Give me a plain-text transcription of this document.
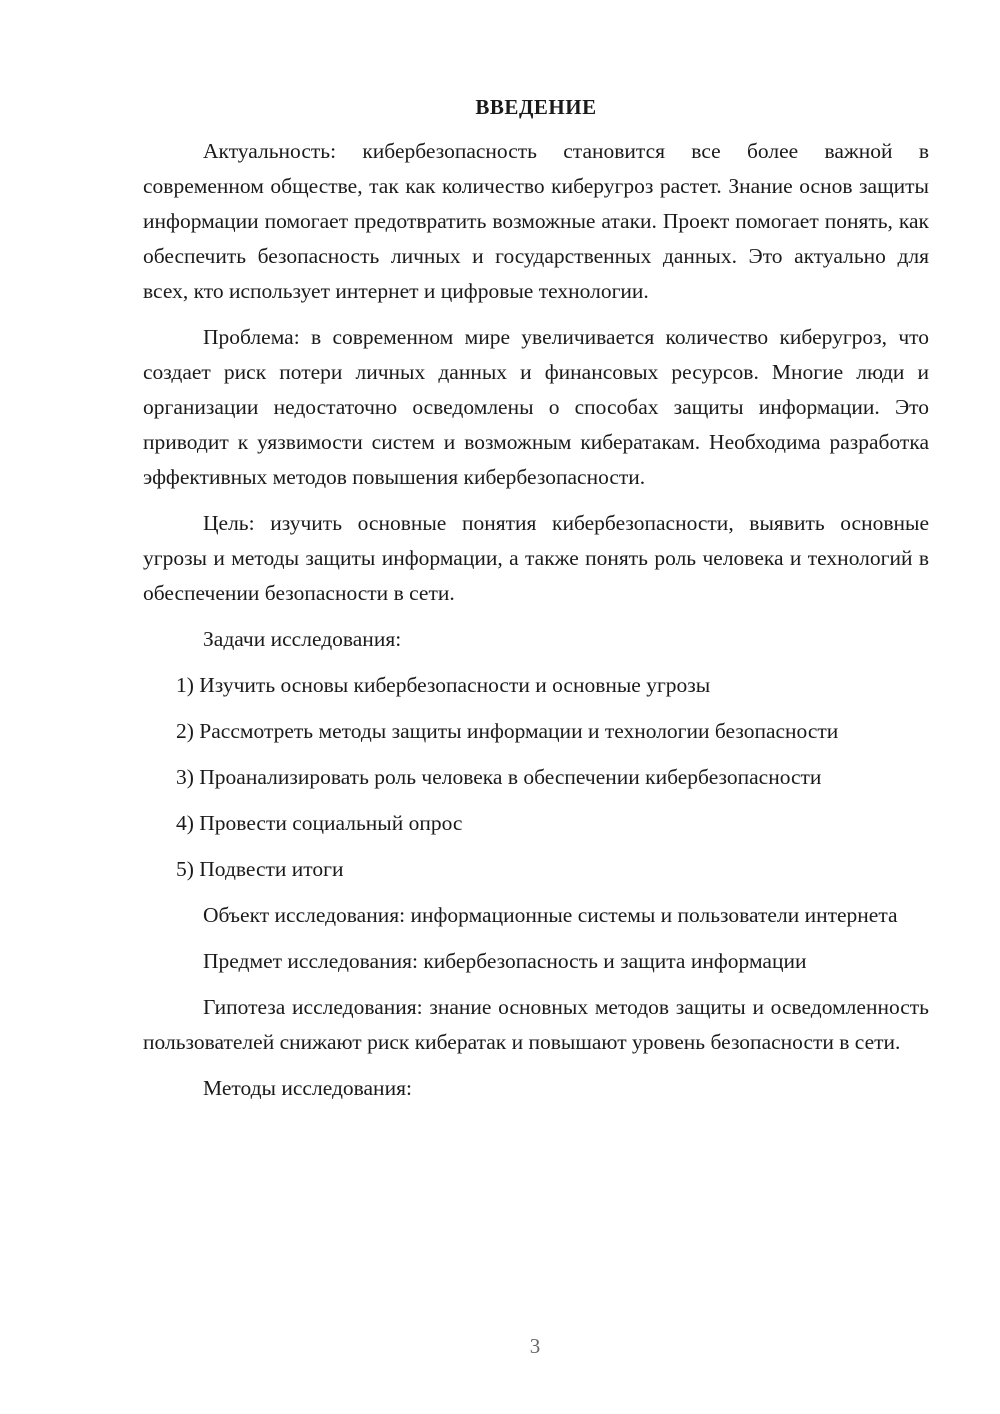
ВВЕДЕНИЕ

Актуальность: кибербезопасность становится все более важной в современном обществе, так как количество киберугроз растет. Знание основ защиты информации помогает предотвратить возможные атаки. Проект помогает понять, как обеспечить безопасность личных и государственных данных. Это актуально для всех, кто использует интернет и цифровые технологии.

Проблема: в современном мире увеличивается количество киберугроз, что создает риск потери личных данных и финансовых ресурсов. Многие люди и организации недостаточно осведомлены о способах защиты информации. Это приводит к уязвимости систем и возможным кибератакам. Необходима разработка эффективных методов повышения кибербезопасности.

Цель: изучить основные понятия кибербезопасности, выявить основные угрозы и методы защиты информации, а также понять роль человека и технологий в обеспечении безопасности в сети.

Задачи исследования:

1) Изучить основы кибербезопасности и основные угрозы

2) Рассмотреть методы защиты информации и технологии безопасности

3) Проанализировать роль человека в обеспечении кибербезопасности

4) Провести социальный опрос

5) Подвести итоги

Объект исследования: информационные системы и пользователи интернета

Предмет исследования: кибербезопасность и защита информации

Гипотеза исследования: знание основных методов защиты и осведомленность пользователей снижают риск кибератак и повышают уровень безопасности в сети.

Методы исследования:

3
